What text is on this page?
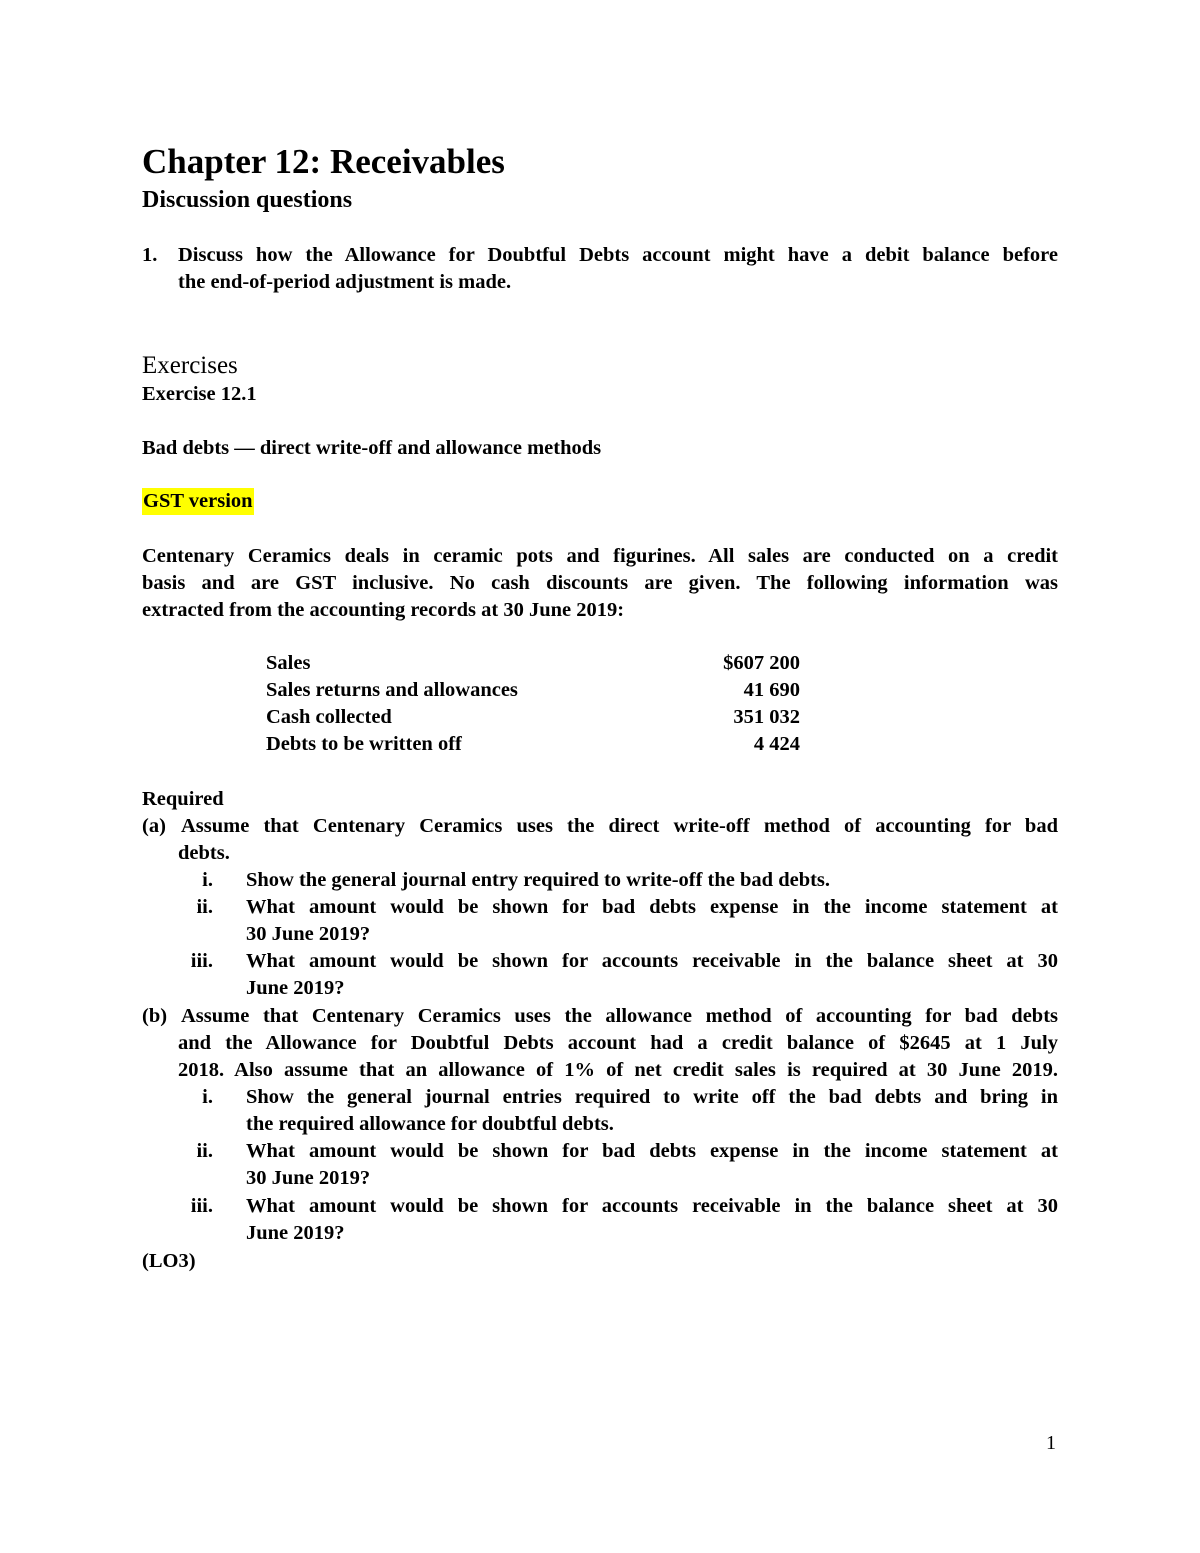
Chapter 12: Receivables
Discussion questions
1. Discuss how the Allowance for Doubtful Debts account might have a debit balance before
the end-of-period adjustment is made.
Exercises
Exercise 12.1
Bad debts — direct write-off and allowance methods
GST version
Centenary Ceramics deals in ceramic pots and figurines. All sales are conducted on a credit
basis and are GST inclusive. No cash discounts are given. The following information was
extracted from the accounting records at 30 June 2019:
Sales	$607 200
Sales returns and allowances	41 690
Cash collected	351 032
Debts to be written off	4 424
Required
(a) Assume that Centenary Ceramics uses the direct write-off method of accounting for bad
debts.
i. Show the general journal entry required to write-off the bad debts.
ii. What amount would be shown for bad debts expense in the income statement at
30 June 2019?
iii. What amount would be shown for accounts receivable in the balance sheet at 30
June 2019?
(b) Assume that Centenary Ceramics uses the allowance method of accounting for bad debts
and the Allowance for Doubtful Debts account had a credit balance of $2645 at 1 July
2018. Also assume that an allowance of 1% of net credit sales is required at 30 June 2019.
i. Show the general journal entries required to write off the bad debts and bring in
the required allowance for doubtful debts.
ii. What amount would be shown for bad debts expense in the income statement at
30 June 2019?
iii. What amount would be shown for accounts receivable in the balance sheet at 30
June 2019?
(LO3)
1
